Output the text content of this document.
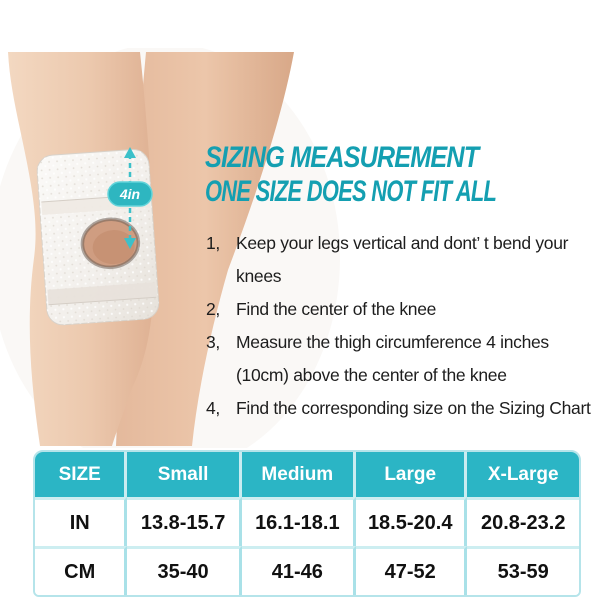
4in
SIZING MEASUREMENT
ONE SIZE DOES NOT FIT ALL
1, Keep your legs vertical and dont’ t bend your
knees
2, Find the center of the knee
3, Measure the thigh circumference 4 inches
(10cm) above the center of the knee
4, Find the corresponding size on the Sizing Chart
SIZE	Small	Medium	Large	X-Large
IN	13.8-15.7	16.1-18.1	18.5-20.4	20.8-23.2
CM	35-40	41-46	47-52	53-59
